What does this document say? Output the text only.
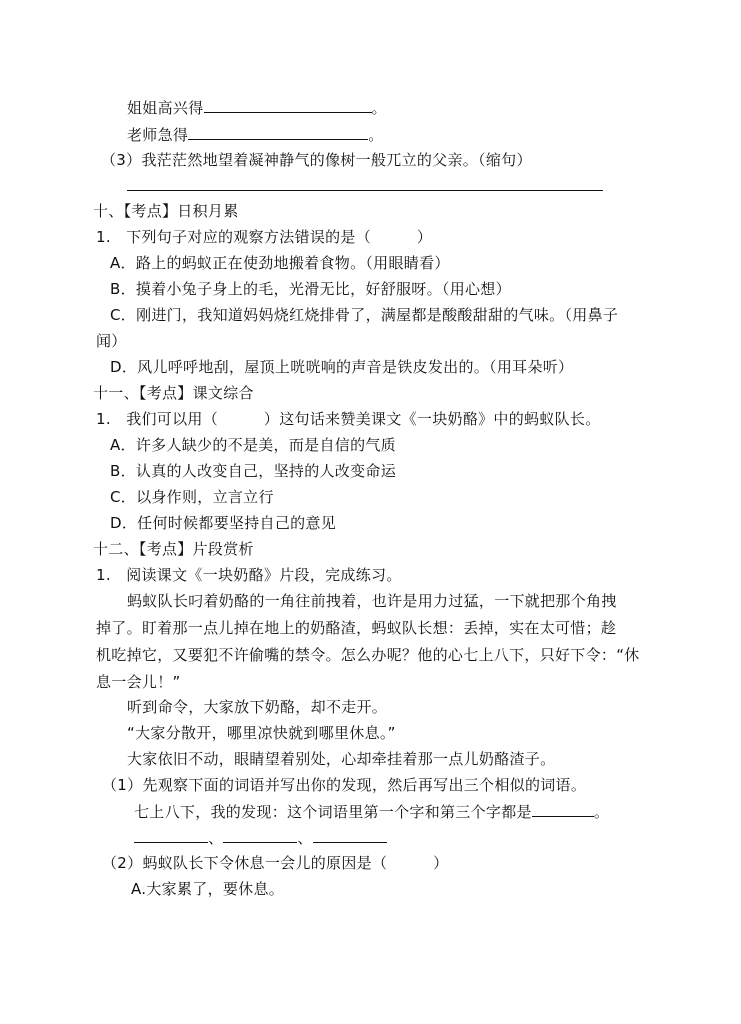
姐姐高兴得	。
老师急得	。
（3）我茫茫然地望着凝神静气的像树一般兀立的父亲。（缩句）
十、【考点】日积月累
1.　下列句子对应的观察方法错误的是（　　　）
A．路上的蚂蚁正在使劲地搬着食物。（用眼睛看）
B．摸着小兔子身上的毛，光滑无比，好舒服呀。（用心想）
C．刚进门，我知道妈妈烧红烧排骨了，满屋都是酸酸甜甜的气味。（用鼻子
闻）
D．风儿呼呼地刮，屋顶上咣咣响的声音是铁皮发出的。（用耳朵听）
十一、【考点】课文综合
1.　我们可以用（　　　）这句话来赞美课文《一块奶酪》中的蚂蚁队长。
A．许多人缺少的不是美，而是自信的气质
B．认真的人改变自己，坚持的人改变命运
C．以身作则，立言立行
D．任何时候都要坚持自己的意见
十二、【考点】片段赏析
1.　阅读课文《一块奶酪》片段，完成练习。
蚂蚁队长叼着奶酪的一角往前拽着，也许是用力过猛，一下就把那个角拽
掉了。盯着那一点儿掉在地上的奶酪渣，蚂蚁队长想：丢掉，实在太可惜；趁
机吃掉它，又要犯不许偷嘴的禁令。怎么办呢？他的心七上八下，只好下令：“休
息一会儿！”
听到命令，大家放下奶酪，却不走开。
“大家分散开，哪里凉快就到哪里休息。”
大家依旧不动，眼睛望着别处，心却牵挂着那一点儿奶酪渣子。
（1）先观察下面的词语并写出你的发现，然后再写出三个相似的词语。
七上八下，我的发现：这个词语里第一个字和第三个字都是	。
、	、
（2）蚂蚁队长下令休息一会儿的原因是（　　　）
A.大家累了，要休息。
